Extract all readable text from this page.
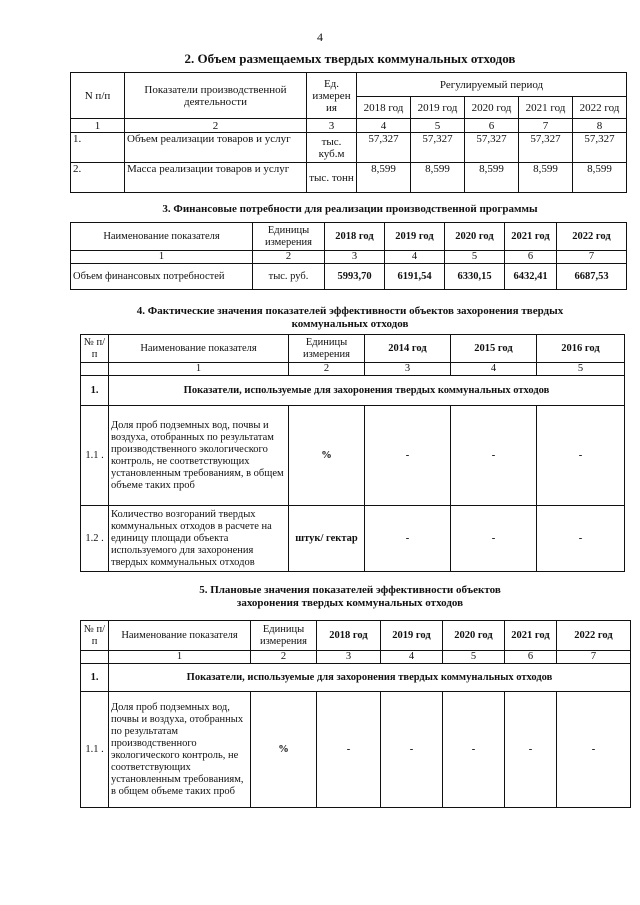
4
2. Объем размещаемых твердых коммунальных отходов
N п/п	Показатели производственной деятельности	Ед. измерен ия	Регулируемый период				
			2018 год	2019 год	2020 год	2021 год	2022 год
1	2	3	4	5	6	7	8
1.	Объем реализации товаров и услуг	тыс. куб.м	57,327	57,327	57,327	57,327	57,327
2.	Масса реализации товаров и услуг	тыс. тонн	8,599	8,599	8,599	8,599	8,599
3. Финансовые потребности для реализации производственной программы
Наименование показателя	Единицы измерения	2018 год	2019 год	2020 год	2021 год	2022 год
1	2	3	4	5	6	7
Объем финансовых потребностей	тыс. руб.	5993,70	6191,54	6330,15	6432,41	6687,53
4. Фактические значения показателей эффективности объектов захоронения твердых
коммунальных отходов
№ п/п	Наименование показателя	Единицы измерения	2014 год	2015 год	2016 год
	1	2	3	4	5
1.	Показатели, используемые для захоронения твердых коммунальных отходов				
1.1 .	Доля проб подземных вод, почвы и воздуха, отобранных по результатам производственного экологического контроль, не соответствующих установленным требованиям, в общем объеме таких проб	%	-	-	-
1.2 .	Количество возгораний твердых коммунальных отходов в расчете на единицу площади объекта используемого для захоронения твердых коммунальных отходов	штук/ гектар	-	-	-
5. Плановые значения показателей эффективности объектов
захоронения твердых коммунальных отходов
№ п/п	Наименование показателя	Единицы измерения	2018 год	2019 год	2020 год	2021 год	2022 год
	1	2	3	4	5	6	7
1.	Показатели, используемые для захоронения твердых коммунальных отходов						
1.1 .	Доля проб подземных вод, почвы и воздуха, отобранных по результатам производственного экологического контроль, не соответствующих установленным требованиям, в общем объеме таких проб	%	-	-	-	-	-
